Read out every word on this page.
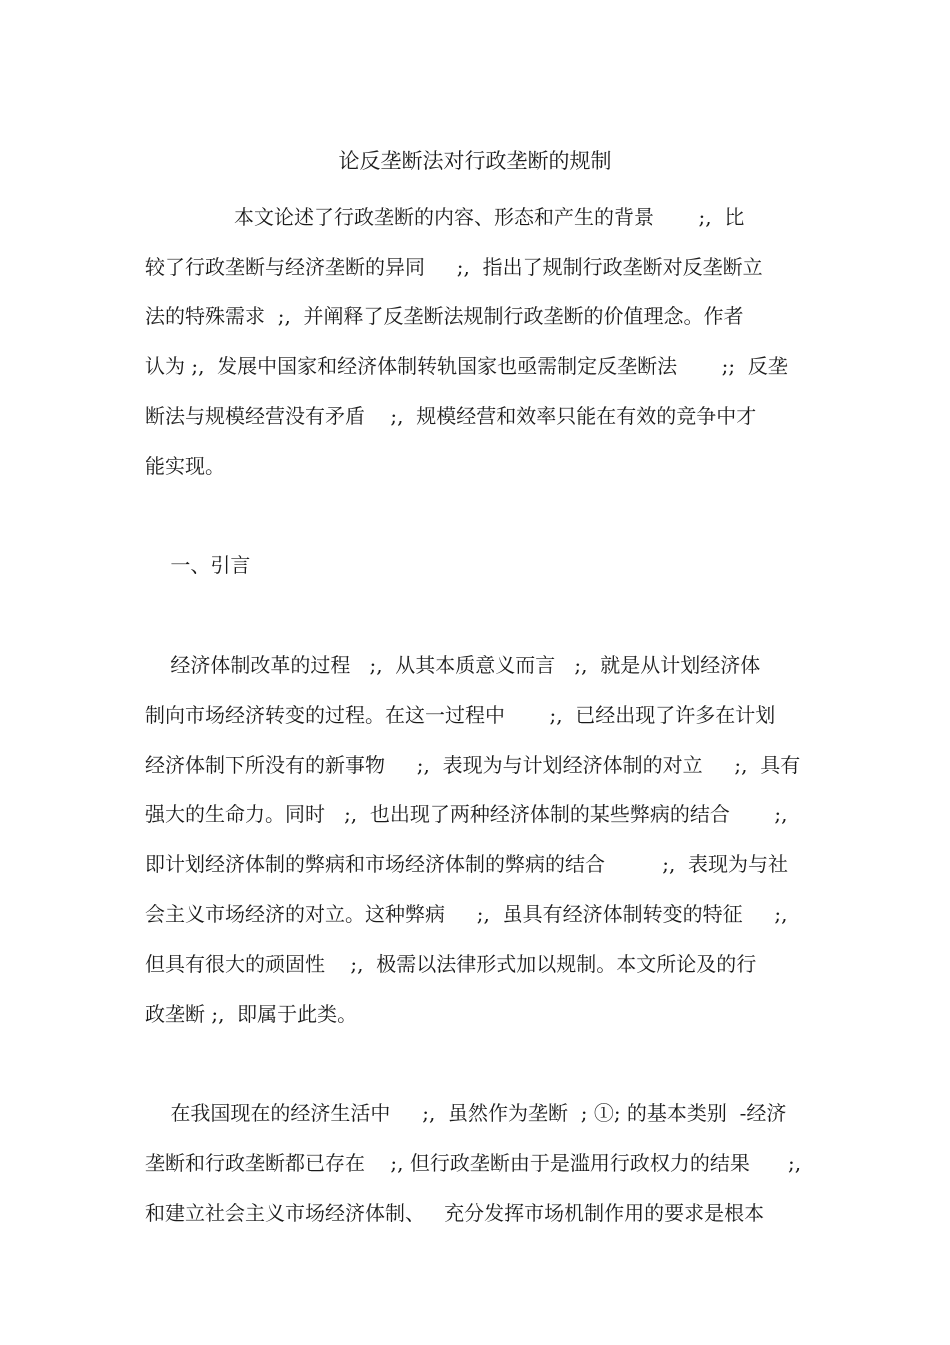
论反垄断法对行政垄断的规制
本文论述了行政垄断的内容、形态和产生的背景       ;,  比
较了行政垄断与经济垄断的异同     ;,  指出了规制行政垄断对反垄断立
法的特殊需求  ;,  并阐释了反垄断法规制行政垄断的价值理念。作者
认为 ;,  发展中国家和经济体制转轨国家也亟需制定反垄断法       ;;  反垄
断法与规模经营没有矛盾    ;,  规模经营和效率只能在有效的竞争中才
能实现。
一、引言
经济体制改革的过程   ;,  从其本质意义而言   ;,  就是从计划经济体
制向市场经济转变的过程。在这一过程中       ;,  已经出现了许多在计划
经济体制下所没有的新事物     ;,  表现为与计划经济体制的对立     ;,  具有
强大的生命力。同时   ;,  也出现了两种经济体制的某些弊病的结合       ;,
即计划经济体制的弊病和市场经济体制的弊病的结合         ;,  表现为与社
会主义市场经济的对立。这种弊病     ;,  虽具有经济体制转变的特征     ;,
但具有很大的顽固性    ;,  极需以法律形式加以规制。本文所论及的行
政垄断 ;,  即属于此类。
在我国现在的经济生活中     ;,  虽然作为垄断  ; ①; 的基本类别  -经济
垄断和行政垄断都已存在    ;, 但行政垄断由于是滥用行政权力的结果      ;,
和建立社会主义市场经济体制、   充分发挥市场机制作用的要求是根本
